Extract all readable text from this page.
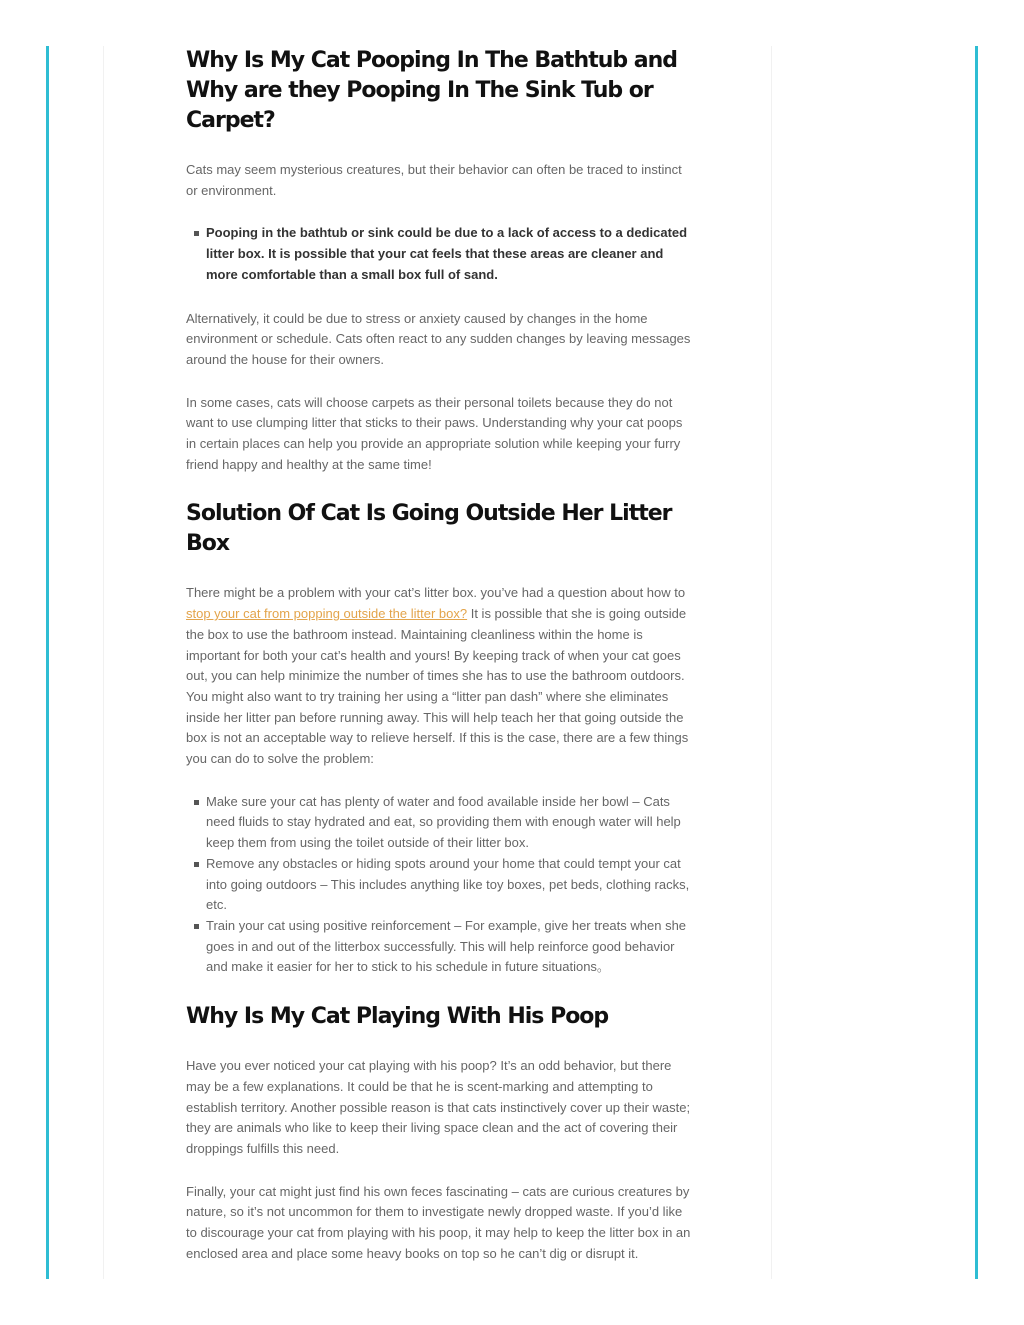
Why Is My Cat Pooping In The Bathtub and Why are they Pooping In The Sink Tub or Carpet?

Cats may seem mysterious creatures, but their behavior can often be traced to instinct or environment.

Pooping in the bathtub or sink could be due to a lack of access to a dedicated litter box. It is possible that your cat feels that these areas are cleaner and more comfortable than a small box full of sand.

Alternatively, it could be due to stress or anxiety caused by changes in the home environment or schedule. Cats often react to any sudden changes by leaving messages around the house for their owners.

In some cases, cats will choose carpets as their personal toilets because they do not want to use clumping litter that sticks to their paws. Understanding why your cat poops in certain places can help you provide an appropriate solution while keeping your furry friend happy and healthy at the same time!

Solution Of Cat Is Going Outside Her Litter Box

There might be a problem with your cat’s litter box. you’ve had a question about how to stop your cat from popping outside the litter box? It is possible that she is going outside the box to use the bathroom instead. Maintaining cleanliness within the home is important for both your cat’s health and yours! By keeping track of when your cat goes out, you can help minimize the number of times she has to use the bathroom outdoors. You might also want to try training her using a “litter pan dash” where she eliminates inside her litter pan before running away. This will help teach her that going outside the box is not an acceptable way to relieve herself. If this is the case, there are a few things you can do to solve the problem:

Make sure your cat has plenty of water and food available inside her bowl – Cats need fluids to stay hydrated and eat, so providing them with enough water will help keep them from using the toilet outside of their litter box.
Remove any obstacles or hiding spots around your home that could tempt your cat into going outdoors – This includes anything like toy boxes, pet beds, clothing racks, etc.
Train your cat using positive reinforcement – For example, give her treats when she goes in and out of the litterbox successfully. This will help reinforce good behavior and make it easier for her to stick to his schedule in future situations。
Why Is My Cat Playing With His Poop

Have you ever noticed your cat playing with his poop? It’s an odd behavior, but there may be a few explanations. It could be that he is scent-marking and attempting to establish territory. Another possible reason is that cats instinctively cover up their waste; they are animals who like to keep their living space clean and the act of covering their droppings fulfills this need.

Finally, your cat might just find his own feces fascinating – cats are curious creatures by nature, so it’s not uncommon for them to investigate newly dropped waste. If you’d like to discourage your cat from playing with his poop, it may help to keep the litter box in an enclosed area and place some heavy books on top so he can’t dig or disrupt it.
